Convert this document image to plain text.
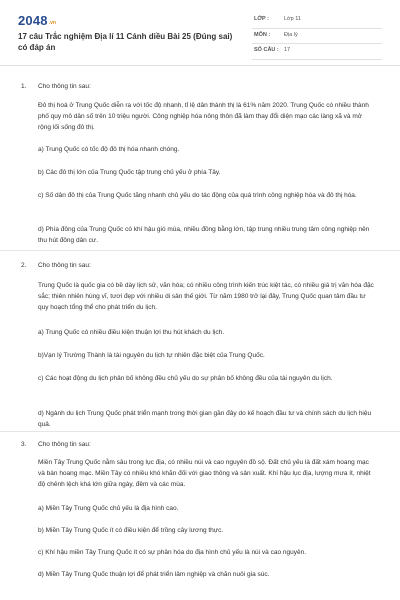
2048 .vn
17 câu Trắc nghiệm Địa lí 11 Cánh diều Bài 25 (Đúng sai) có đáp án
LỚP :	Lớp 11
MÔN :	Địa lý
SỐ CÂU : 17
1. Cho thông tin sau:
Đô thị hoá ở Trung Quốc diễn ra với tốc độ nhanh, tỉ lệ dân thành thị là 61% năm 2020. Trung Quốc có nhiều thành phố quy mô dân số trên 10 triệu người. Công nghiệp hóa nông thôn đã làm thay đổi diện mạo các làng xã và mở rộng lối sống đô thị.
a) Trung Quốc có tốc độ đô thị hóa nhanh chóng.
b) Các đô thị lớn của Trung Quốc tập trung chủ yếu ở phía Tây.
c) Số dân đô thị của Trung Quốc tăng nhanh chủ yếu do tác động của quá trình công nghiệp hóa và đô thị hóa.
d) Phía đông của Trung Quốc có khí hậu gió mùa, nhiều đồng bằng lớn, tập trung nhiều trung tâm công nghiệp nên thu hút đông dân cư.
2. Cho thông tin sau:
Trung Quốc là quốc gia có bề dày lịch sử, văn hóa; có nhiều công trình kiến trúc kiệt tác, có nhiều giá trị văn hóa đặc sắc; thiên nhiên hùng vĩ, tươi đẹp với nhiều di sản thế giới. Từ năm 1980 trở lại đây, Trung Quốc quan tâm đầu tư quy hoạch tổng thể cho phát triển du lịch.
a) Trung Quốc có nhiều điều kiện thuận lợi thu hút khách du lịch.
b)Vạn lý Trường Thành là tài nguyên du lịch tự nhiên đặc biệt của Trung Quốc.
c) Các hoạt động du lịch phân bố không đều chủ yếu do sự phân bố không đều của tài nguyên du lịch.
d) Ngành du lịch Trung Quốc phát triển mạnh trong thời gian gần đây do kế hoạch đầu tư và chính sách du lịch hiệu quả.
3. Cho thông tin sau:
Miền Tây Trung Quốc nằm sâu trong lục địa, có nhiều núi và cao nguyên đồ sộ. Đất chủ yếu là đất xám hoang mạc và bán hoang mạc. Miền Tây có nhiều khó khăn đối với giao thông và sản xuất. Khí hậu lục địa, lượng mưa ít, nhiệt độ chênh lệch khá lớn giữa ngày, đêm và các mùa.
a) Miền Tây Trung Quốc chủ yếu là địa hình cao.
b) Miền Tây Trung Quốc ít có điều kiện để trồng cây lương thực.
c) Khí hậu miền Tây Trung Quốc ít có sự phân hóa do địa hình chủ yếu là núi và cao nguyên.
d) Miền Tây Trung Quốc thuận lợi để phát triển lâm nghiệp và chăn nuôi gia súc.
